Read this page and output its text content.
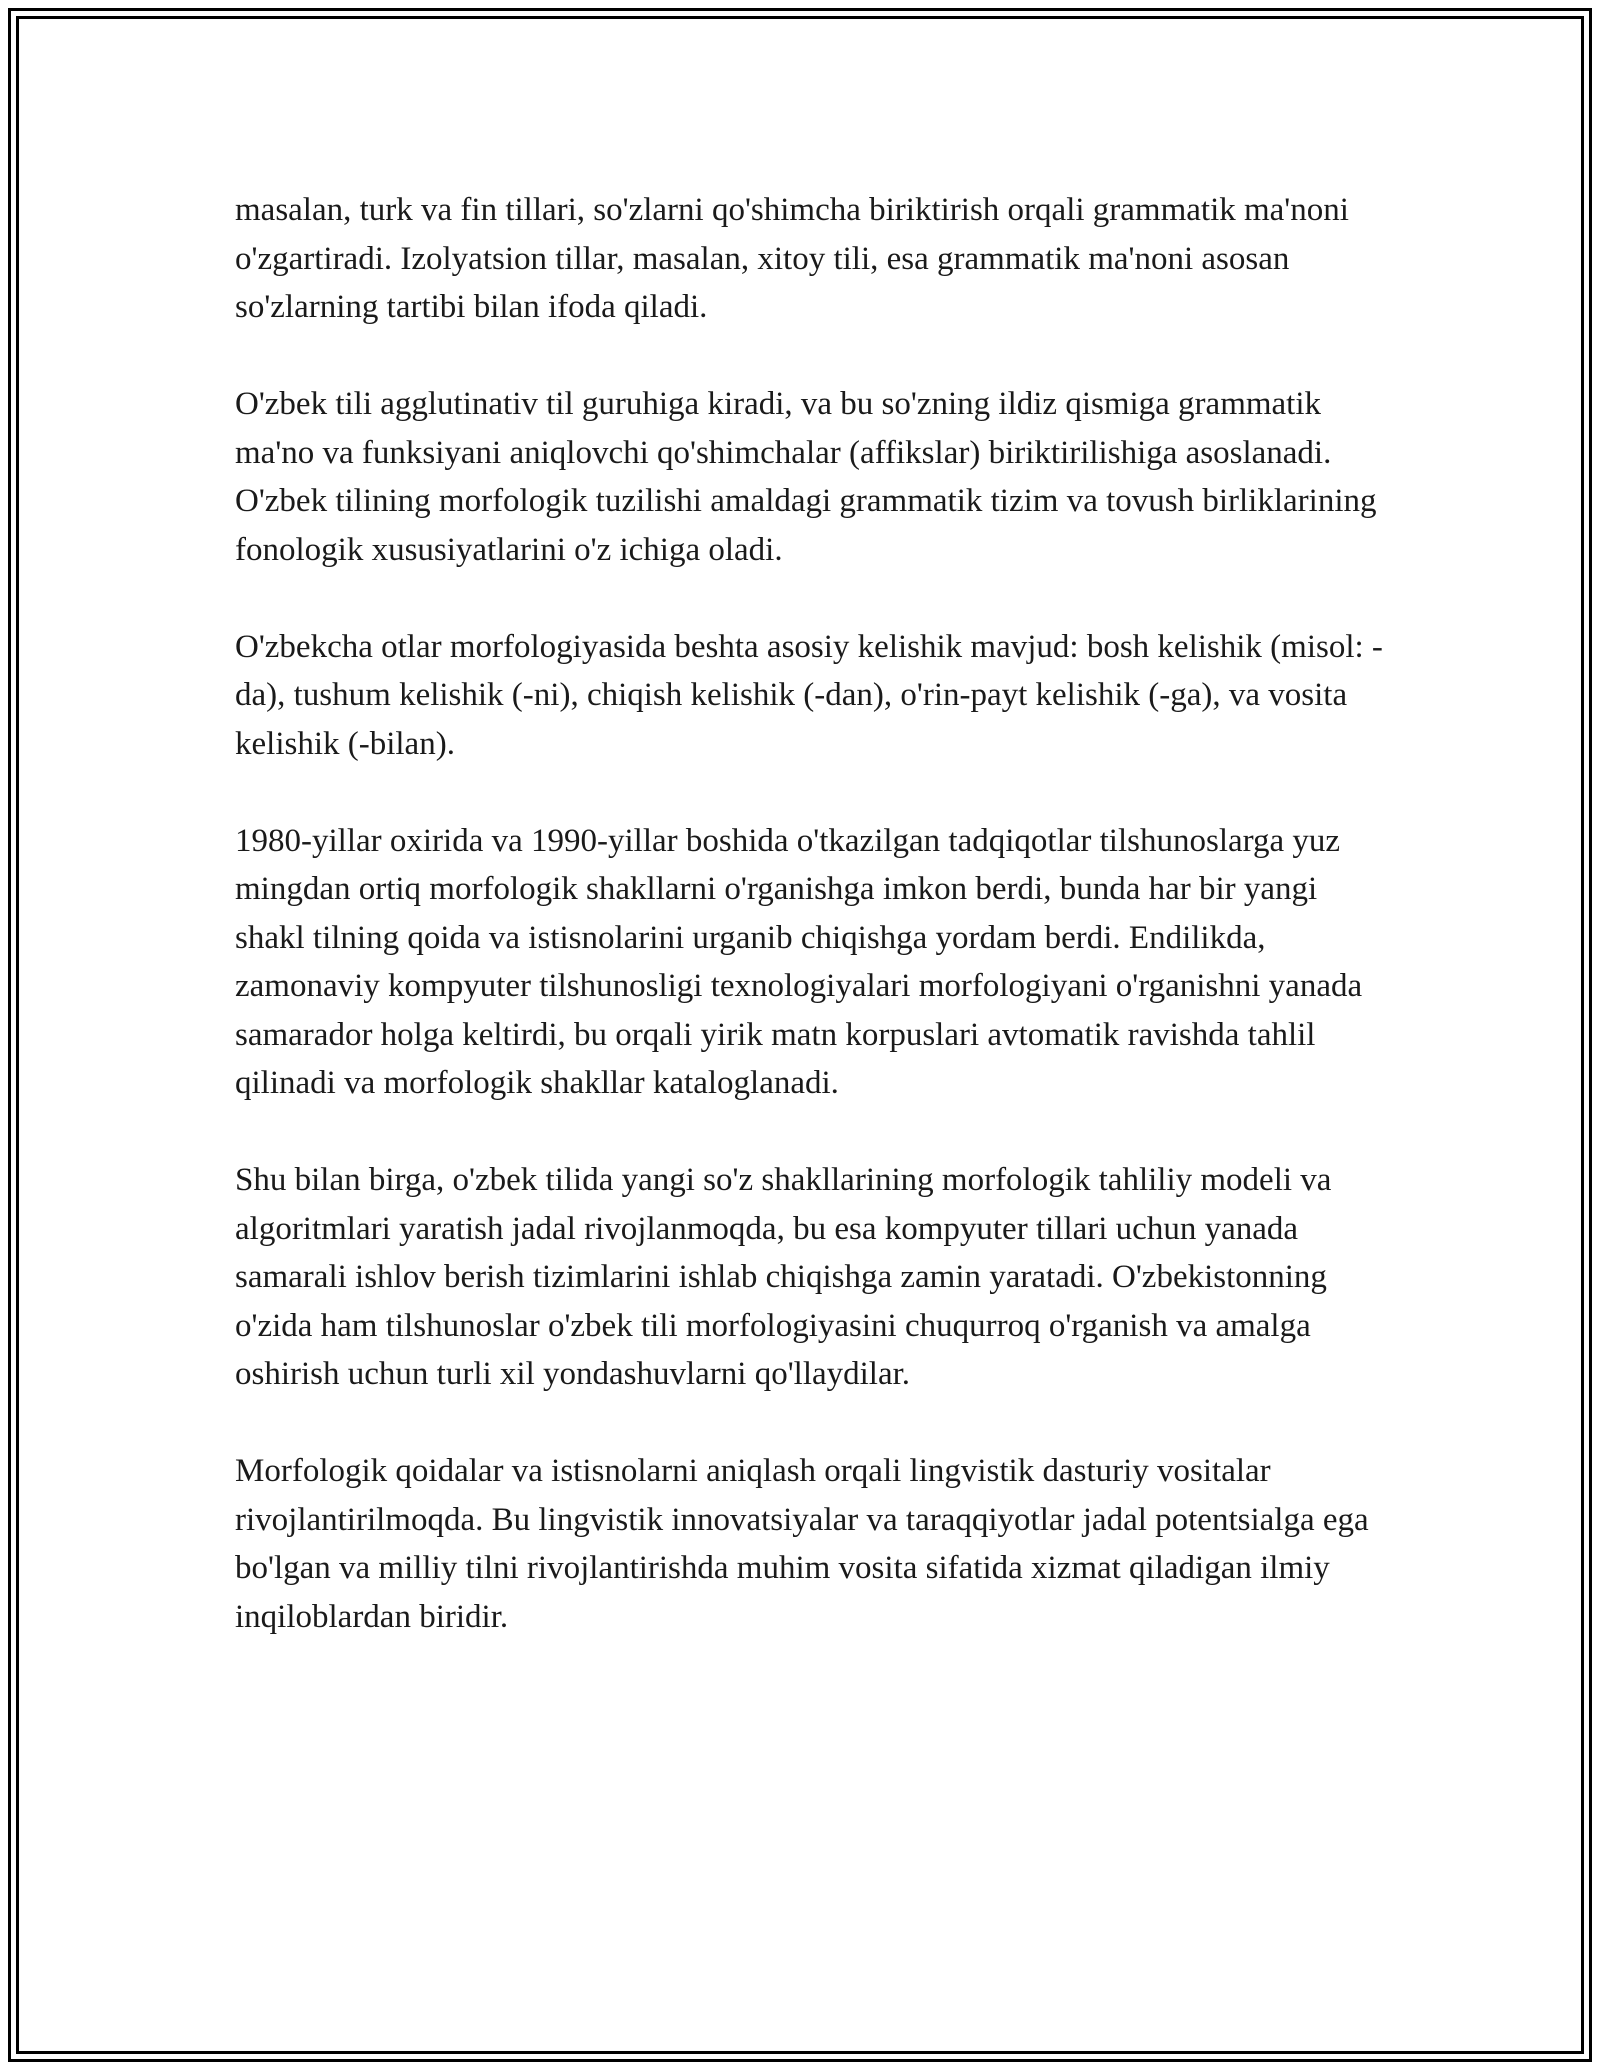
masalan, turk va fin tillari, so'zlarni qo'shimcha biriktirish orqali grammatik ma'noni o'zgartiradi. Izolyatsion tillar, masalan, xitoy tili, esa grammatik ma'noni asosan so'zlarning tartibi bilan ifoda qiladi.

O'zbek tili agglutinativ til guruhiga kiradi, va bu so'zning ildiz qismiga grammatik ma'no va funksiyani aniqlovchi qo'shimchalar (affikslar) biriktirilishiga asoslanadi. O'zbek tilining morfologik tuzilishi amaldagi grammatik tizim va tovush birliklarining fonologik xususiyatlarini o'z ichiga oladi.

O'zbekcha otlar morfologiyasida beshta asosiy kelishik mavjud: bosh kelishik (misol: -da), tushum kelishik (-ni), chiqish kelishik (-dan), o'rin-payt kelishik (-ga), va vosita kelishik (-bilan).

1980-yillar oxirida va 1990-yillar boshida o'tkazilgan tadqiqotlar tilshunoslarga yuz mingdan ortiq morfologik shakllarni o'rganishga imkon berdi, bunda har bir yangi shakl tilning qoida va istisnolarini urganib chiqishga yordam berdi. Endilikda, zamonaviy kompyuter tilshunosligi texnologiyalari morfologiyani o'rganishni yanada samarador holga keltirdi, bu orqali yirik matn korpuslari avtomatik ravishda tahlil qilinadi va morfologik shakllar kataloglanadi.

Shu bilan birga, o'zbek tilida yangi so'z shakllarining morfologik tahliliy modeli va algoritmlari yaratish jadal rivojlanmoqda, bu esa kompyuter tillari uchun yanada samarali ishlov berish tizimlarini ishlab chiqishga zamin yaratadi. O'zbekistonning o'zida ham tilshunoslar o'zbek tili morfologiyasini chuqurroq o'rganish va amalga oshirish uchun turli xil yondashuvlarni qo'llaydilar.

Morfologik qoidalar va istisnolarni aniqlash orqali lingvistik dasturiy vositalar rivojlantirilmoqda. Bu lingvistik innovatsiyalar va taraqqiyotlar jadal potentsialga ega bo'lgan va milliy tilni rivojlantirishda muhim vosita sifatida xizmat qiladigan ilmiy inqiloblardan biridir.
